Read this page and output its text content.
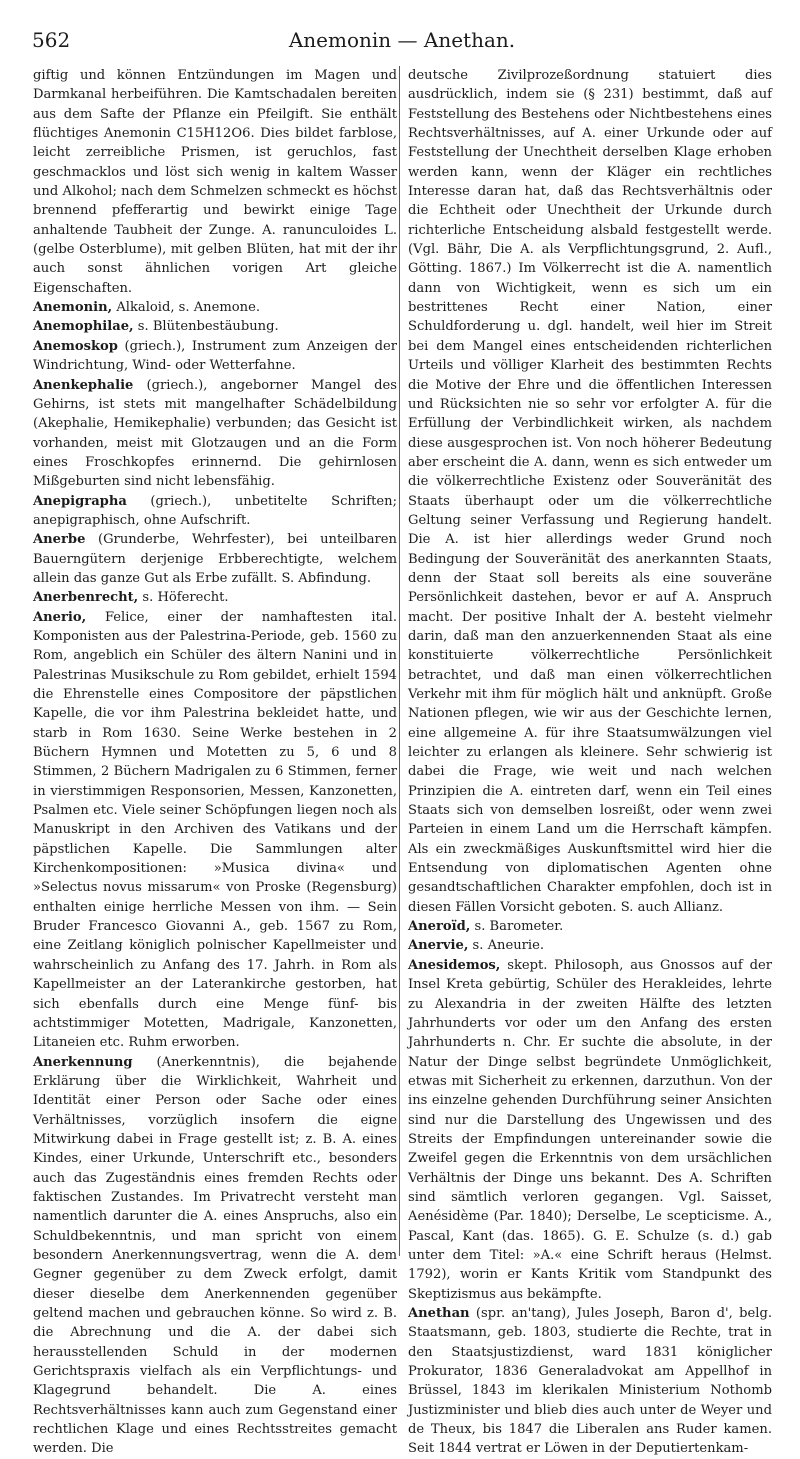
562	Anemonin — Anethan.

giftig und können Entzündungen im Magen und Darmkanal herbeiführen. Die Kamtschadalen bereiten aus dem Safte der Pflanze ein Pfeilgift. Sie enthält flüchtiges Anemonin C15H12O6. Dies bildet farblose, leicht zerreibliche Prismen, ist geruchlos, fast geschmacklos und löst sich wenig in kaltem Wasser und Alkohol; nach dem Schmelzen schmeckt es höchst brennend pfefferartig und bewirkt einige Tage anhaltende Taubheit der Zunge. A. ranunculoides L. (gelbe Osterblume), mit gelben Blüten, hat mit der ihr auch sonst ähnlichen vorigen Art gleiche Eigenschaften.

Anemonin, Alkaloid, s. Anemone.

Anemophilae, s. Blütenbestäubung.

Anemoskop (griech.), Instrument zum Anzeigen der Windrichtung, Wind- oder Wetterfahne.

Anenkephalie (griech.), angeborner Mangel des Gehirns, ist stets mit mangelhafter Schädelbildung (Akephalie, Hemikephalie) verbunden; das Gesicht ist vorhanden, meist mit Glotzaugen und an die Form eines Froschkopfes erinnernd. Die gehirnlosen Mißgeburten sind nicht lebensfähig.

Anepigrapha (griech.), unbetitelte Schriften; anepigraphisch, ohne Aufschrift.

Anerbe (Grunderbe, Wehrfester), bei unteilbaren Bauerngütern derjenige Erbberechtigte, welchem allein das ganze Gut als Erbe zufällt. S. Abfindung.

Anerbenrecht, s. Höferecht.

Anerio, Felice, einer der namhaftesten ital. Komponisten aus der Palestrina-Periode, geb. 1560 zu Rom, angeblich ein Schüler des ältern Nanini und in Palestrinas Musikschule zu Rom gebildet, erhielt 1594 die Ehrenstelle eines Compositore der päpstlichen Kapelle, die vor ihm Palestrina bekleidet hatte, und starb in Rom 1630. Seine Werke bestehen in 2 Büchern Hymnen und Motetten zu 5, 6 und 8 Stimmen, 2 Büchern Madrigalen zu 6 Stimmen, ferner in vierstimmigen Responsorien, Messen, Kanzonetten, Psalmen etc. Viele seiner Schöpfungen liegen noch als Manuskript in den Archiven des Vatikans und der päpstlichen Kapelle. Die Sammlungen alter Kirchenkompositionen: »Musica divina« und »Selectus novus missarum« von Proske (Regensburg) enthalten einige herrliche Messen von ihm. — Sein Bruder Francesco Giovanni A., geb. 1567 zu Rom, eine Zeitlang königlich polnischer Kapellmeister und wahrscheinlich zu Anfang des 17. Jahrh. in Rom als Kapellmeister an der Laterankirche gestorben, hat sich ebenfalls durch eine Menge fünf- bis achtstimmiger Motetten, Madrigale, Kanzonetten, Litaneien etc. Ruhm erworben.

Anerkennung (Anerkenntnis), die bejahende Erklärung über die Wirklichkeit, Wahrheit und Identität einer Person oder Sache oder eines Verhältnisses, vorzüglich insofern die eigne Mitwirkung dabei in Frage gestellt ist; z. B. A. eines Kindes, einer Urkunde, Unterschrift etc., besonders auch das Zugeständnis eines fremden Rechts oder faktischen Zustandes. Im Privatrecht versteht man namentlich darunter die A. eines Anspruchs, also ein Schuldbekenntnis, und man spricht von einem besondern Anerkennungsvertrag, wenn die A. dem Gegner gegenüber zu dem Zweck erfolgt, damit dieser dieselbe dem Anerkennenden gegenüber geltend machen und gebrauchen könne. So wird z. B. die Abrechnung und die A. der dabei sich herausstellenden Schuld in der modernen Gerichtspraxis vielfach als ein Verpflichtungs- und Klagegrund behandelt. Die A. eines Rechtsverhältnisses kann auch zum Gegenstand einer rechtlichen Klage und eines Rechtsstreites gemacht werden. Die

deutsche Zivilprozeßordnung statuiert dies ausdrücklich, indem sie (§ 231) bestimmt, daß auf Feststellung des Bestehens oder Nichtbestehens eines Rechtsverhältnisses, auf A. einer Urkunde oder auf Feststellung der Unechtheit derselben Klage erhoben werden kann, wenn der Kläger ein rechtliches Interesse daran hat, daß das Rechtsverhältnis oder die Echtheit oder Unechtheit der Urkunde durch richterliche Entscheidung alsbald festgestellt werde. (Vgl. Bähr, Die A. als Verpflichtungsgrund, 2. Aufl., Götting. 1867.) Im Völkerrecht ist die A. namentlich dann von Wichtigkeit, wenn es sich um ein bestrittenes Recht einer Nation, einer Schuldforderung u. dgl. handelt, weil hier im Streit bei dem Mangel eines entscheidenden richterlichen Urteils und völliger Klarheit des bestimmten Rechts die Motive der Ehre und die öffentlichen Interessen und Rücksichten nie so sehr vor erfolgter A. für die Erfüllung der Verbindlichkeit wirken, als nachdem diese ausgesprochen ist. Von noch höherer Bedeutung aber erscheint die A. dann, wenn es sich entweder um die völkerrechtliche Existenz oder Souveränität des Staats überhaupt oder um die völkerrechtliche Geltung seiner Verfassung und Regierung handelt. Die A. ist hier allerdings weder Grund noch Bedingung der Souveränität des anerkannten Staats, denn der Staat soll bereits als eine souveräne Persönlichkeit dastehen, bevor er auf A. Anspruch macht. Der positive Inhalt der A. besteht vielmehr darin, daß man den anzuerkennenden Staat als eine konstituierte völkerrechtliche Persönlichkeit betrachtet, und daß man einen völkerrechtlichen Verkehr mit ihm für möglich hält und anknüpft. Große Nationen pflegen, wie wir aus der Geschichte lernen, eine allgemeine A. für ihre Staatsumwälzungen viel leichter zu erlangen als kleinere. Sehr schwierig ist dabei die Frage, wie weit und nach welchen Prinzipien die A. eintreten darf, wenn ein Teil eines Staats sich von demselben losreißt, oder wenn zwei Parteien in einem Land um die Herrschaft kämpfen. Als ein zweckmäßiges Auskunftsmittel wird hier die Entsendung von diplomatischen Agenten ohne gesandtschaftlichen Charakter empfohlen, doch ist in diesen Fällen Vorsicht geboten. S. auch Allianz.

Aneroïd, s. Barometer.

Anervie, s. Aneurie.

Anesidemos, skept. Philosoph, aus Gnossos auf der Insel Kreta gebürtig, Schüler des Herakleides, lehrte zu Alexandria in der zweiten Hälfte des letzten Jahrhunderts vor oder um den Anfang des ersten Jahrhunderts n. Chr. Er suchte die absolute, in der Natur der Dinge selbst begründete Unmöglichkeit, etwas mit Sicherheit zu erkennen, darzuthun. Von der ins einzelne gehenden Durchführung seiner Ansichten sind nur die Darstellung des Ungewissen und des Streits der Empfindungen untereinander sowie die Zweifel gegen die Erkenntnis von dem ursächlichen Verhältnis der Dinge uns bekannt. Des A. Schriften sind sämtlich verloren gegangen. Vgl. Saisset, Aenésidème (Par. 1840); Derselbe, Le scepticisme. A., Pascal, Kant (das. 1865). G. E. Schulze (s. d.) gab unter dem Titel: »A.« eine Schrift heraus (Helmst. 1792), worin er Kants Kritik vom Standpunkt des Skeptizismus aus bekämpfte.

Anethan (spr. an'tang), Jules Joseph, Baron d', belg. Staatsmann, geb. 1803, studierte die Rechte, trat in den Staatsjustizdienst, ward 1831 königlicher Prokurator, 1836 Generaladvokat am Appellhof in Brüssel, 1843 im klerikalen Ministerium Nothomb Justizminister und blieb dies auch unter de Weyer und de Theux, bis 1847 die Liberalen ans Ruder kamen. Seit 1844 vertrat er Löwen in der Deputiertenkam-
